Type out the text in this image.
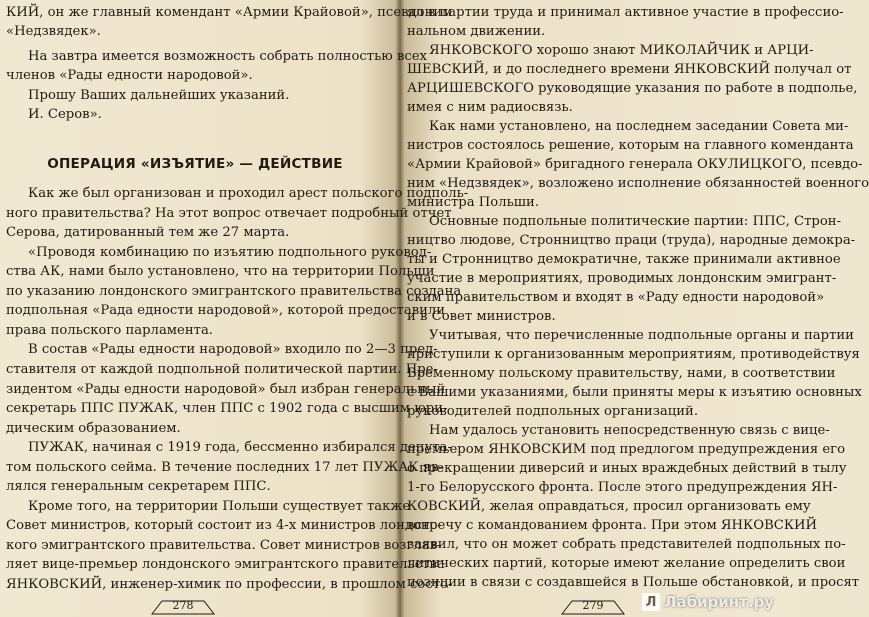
КИЙ, он же главный комендант «Армии Крайовой», псевдоним
«Недзвядек».
На завтра имеется возможность собрать полностью всех
членов «Рады едности народовой».
Прошу Ваших дальнейших указаний.
И. Серов».
ОПЕРАЦИЯ «ИЗЪЯТИЕ» — ДЕЙСТВИЕ
Как же был организован и проходил арест польского подполь-
ного правительства? На этот вопрос отвечает подробный отчет
Серова, датированный тем же 27 марта.
«Проводя комбинацию по изъятию подпольного руковод-
ства АК, нами было установлено, что на территории Польши
по указанию лондонского эмигрантского правительства создана
подпольная «Рада едности народовой», которой предоставили
права польского парламента.
В состав «Рады едности народовой» входило по 2—3 пред-
ставителя от каждой подпольной политической партии. Пре-
зидентом «Рады едности народовой» был избран генеральный
секретарь ППС ПУЖАК, член ППС с 1902 года с высшим юри-
дическим образованием.
ПУЖАК, начиная с 1919 года, бессменно избирался депута-
том польского сейма. В течение последних 17 лет ПУЖАК яв-
лялся генеральным секретарем ППС.
Кроме того, на территории Польши существует также
Совет министров, который состоит из 4-х министров лондонс-
кого эмигрантского правительства. Совет министров возглав-
ляет вице-премьер лондонского эмигрантского правительства
ЯНКОВСКИЙ, инженер-химик по профессии, в прошлом состо-
ял в партии труда и принимал активное участие в профессио-
нальном движении.
ЯНКОВСКОГО хорошо знают МИКОЛАЙЧИК и АРЦИ-
ШЕВСКИЙ, и до последнего времени ЯНКОВСКИЙ получал от
АРЦИШЕВСКОГО руководящие указания по работе в подполье,
имея с ним радиосвязь.
Как нами установлено, на последнем заседании Совета ми-
нистров состоялось решение, которым на главного коменданта
«Армии Крайовой» бригадного генерала ОКУЛИЦКОГО, псевдо-
ним «Недзвядек», возложено исполнение обязанностей военного
министра Польши.
Основные подпольные политические партии: ППС, Строн-
ництво людове, Стронництво праци (труда), народные демокра-
ты и Стронництво демократичне, также принимали активное
участие в мероприятиях, проводимых лондонским эмигрант-
ским правительством и входят в «Раду едности народовой»
и в Совет министров.
Учитывая, что перечисленные подпольные органы и партии
приступили к организованным мероприятиям, противодействуя
Временному польскому правительству, нами, в соответствии
с Вашими указаниями, были приняты меры к изъятию основных
руководителей подпольных организаций.
Нам удалось установить непосредственную связь с вице-
премьером ЯНКОВСКИМ под предлогом предупреждения его
о прекращении диверсий и иных враждебных действий в тылу
1-го Белорусского фронта. После этого предупреждения ЯН-
КОВСКИЙ, желая оправдаться, просил организовать ему
встречу с командованием фронта. При этом ЯНКОВСКИЙ
заявил, что он может собрать представителей подпольных по-
литических партий, которые имеют желание определить свои
позиции в связи с создавшейся в Польше обстановкой, и просят
278	279	Л Лабиринт.ру
